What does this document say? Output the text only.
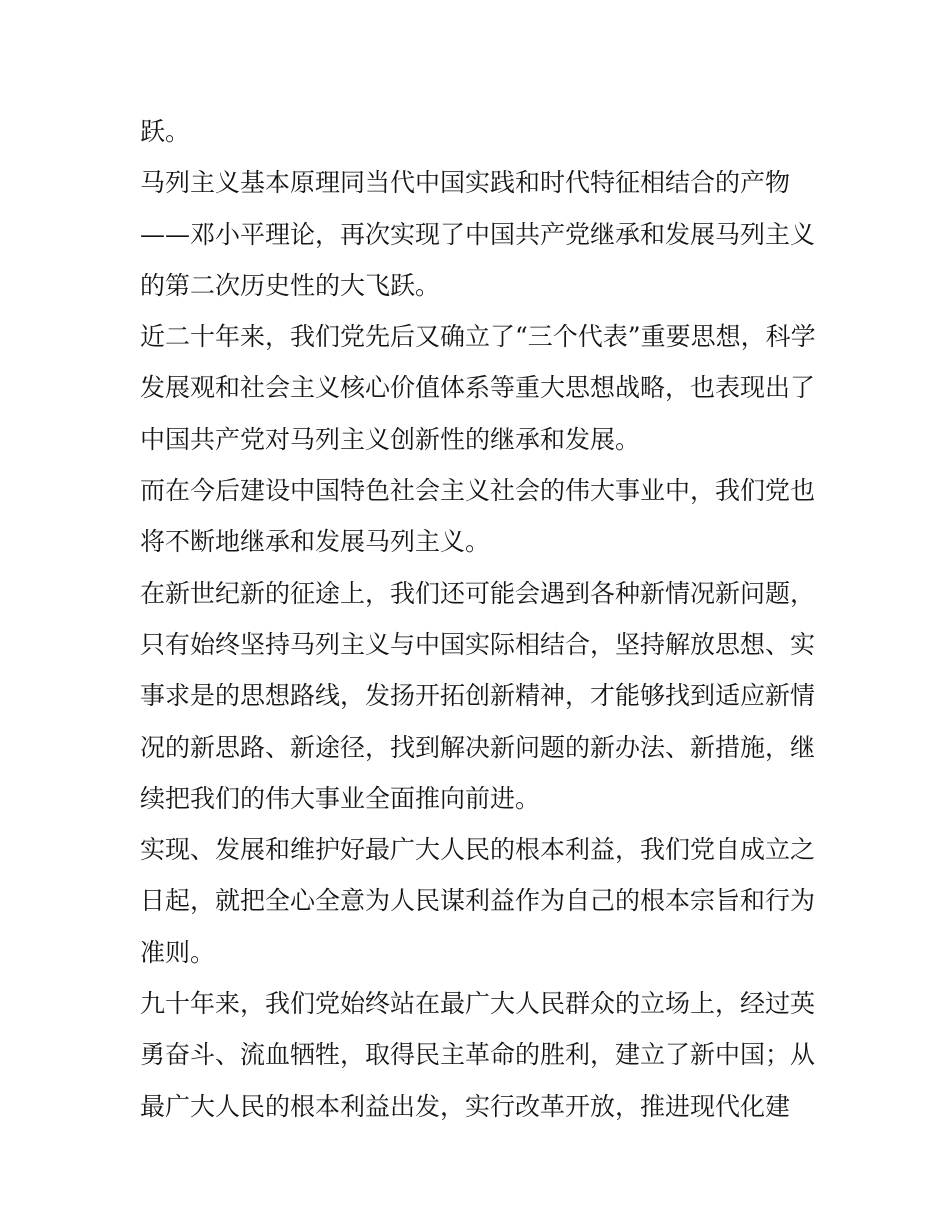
跃。

马列主义基本原理同当代中国实践和时代特征相结合的产物
——邓小平理论，再次实现了中国共产党继承和发展马列主义
的第二次历史性的大飞跃。

近二十年来，我们党先后又确立了“三个代表”重要思想，科学
发展观和社会主义核心价值体系等重大思想战略，也表现出了
中国共产党对马列主义创新性的继承和发展。

而在今后建设中国特色社会主义社会的伟大事业中，我们党也
将不断地继承和发展马列主义。

在新世纪新的征途上，我们还可能会遇到各种新情况新问题，
只有始终坚持马列主义与中国实际相结合，坚持解放思想、实
事求是的思想路线，发扬开拓创新精神，才能够找到适应新情
况的新思路、新途径，找到解决新问题的新办法、新措施，继
续把我们的伟大事业全面推向前进。

实现、发展和维护好最广大人民的根本利益，我们党自成立之
日起，就把全心全意为人民谋利益作为自己的根本宗旨和行为
准则。

九十年来，我们党始终站在最广大人民群众的立场上，经过英
勇奋斗、流血牺牲，取得民主革命的胜利，建立了新中国；从
最广大人民的根本利益出发，实行改革开放，推进现代化建
